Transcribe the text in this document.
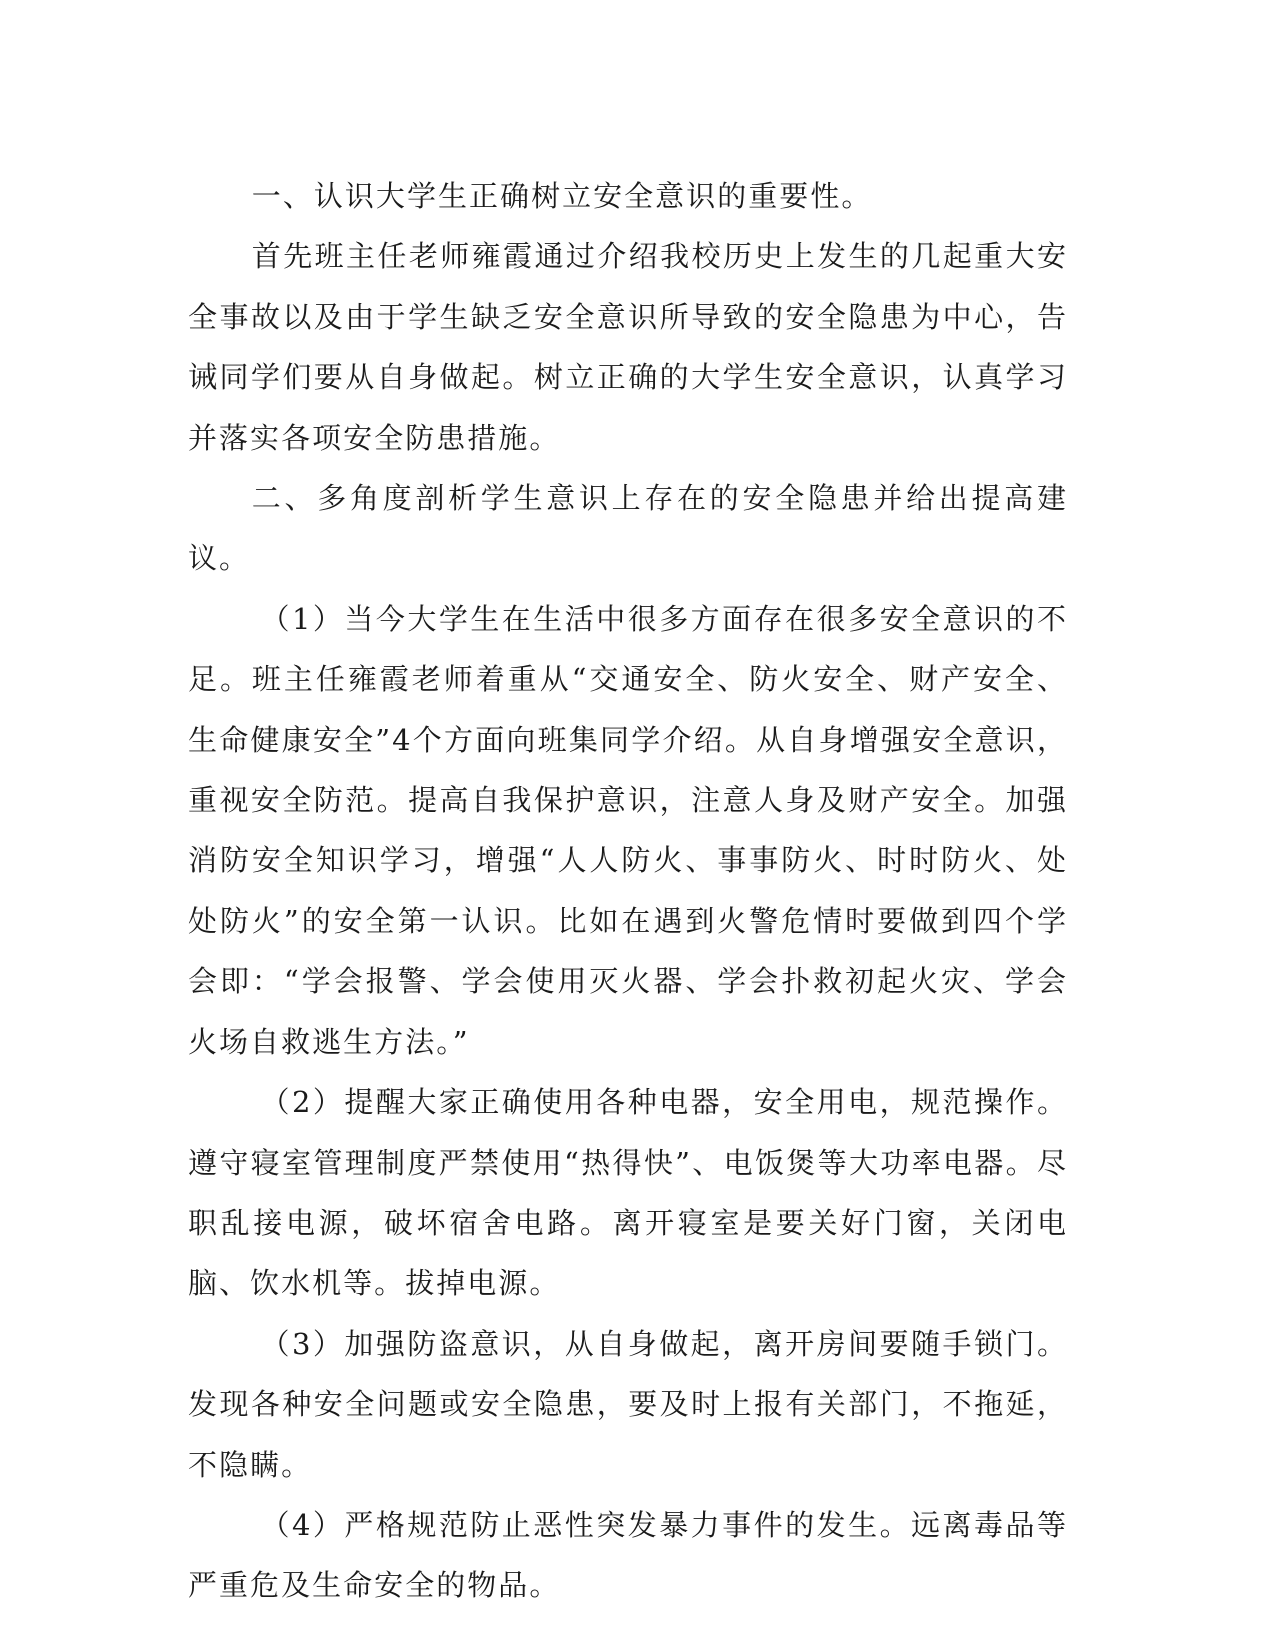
一、认识大学生正确树立安全意识的重要性。

首先班主任老师雍霞通过介绍我校历史上发生的几起重大安全事故以及由于学生缺乏安全意识所导致的安全隐患为中心，告诫同学们要从自身做起。树立正确的大学生安全意识，认真学习并落实各项安全防患措施。

二、多角度剖析学生意识上存在的安全隐患并给出提高建议。

（1）当今大学生在生活中很多方面存在很多安全意识的不足。班主任雍霞老师着重从“交通安全、防火安全、财产安全、生命健康安全”4个方面向班集同学介绍。从自身增强安全意识，重视安全防范。提高自我保护意识，注意人身及财产安全。加强消防安全知识学习，增强“人人防火、事事防火、时时防火、处处防火”的安全第一认识。比如在遇到火警危情时要做到四个学会即：“学会报警、学会使用灭火器、学会扑救初起火灾、学会火场自救逃生方法。”

（2）提醒大家正确使用各种电器，安全用电，规范操作。遵守寝室管理制度严禁使用“热得快”、电饭煲等大功率电器。尽职乱接电源，破坏宿舍电路。离开寝室是要关好门窗，关闭电脑、饮水机等。拔掉电源。

（3）加强防盗意识，从自身做起，离开房间要随手锁门。发现各种安全问题或安全隐患，要及时上报有关部门，不拖延，不隐瞒。

（4）严格规范防止恶性突发暴力事件的发生。远离毒品等严重危及生命安全的物品。
